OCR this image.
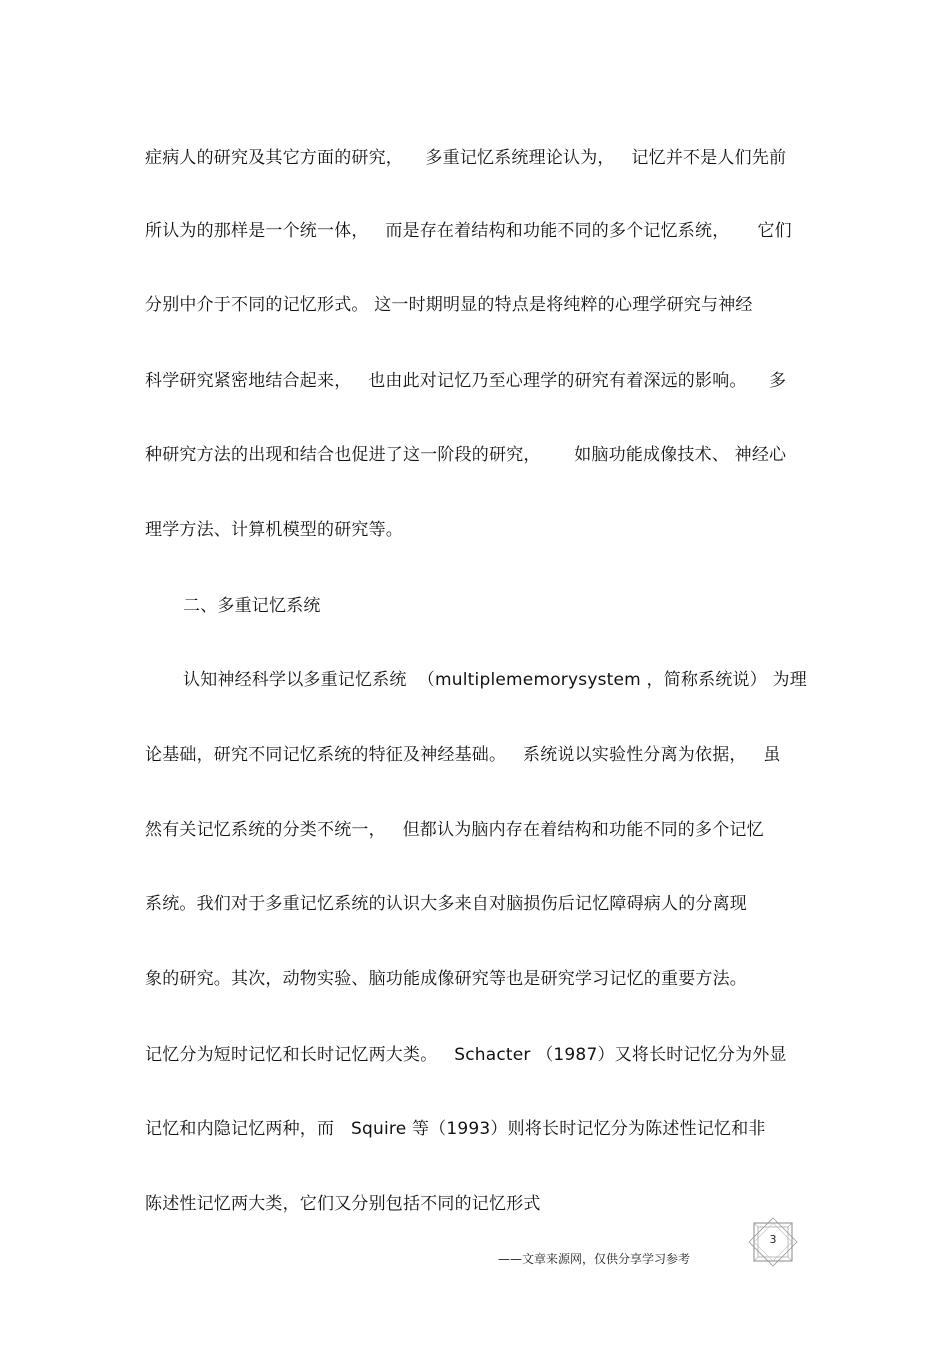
症病人的研究及其它方面的研究，    多重记忆系统理论认为，   记忆并不是人们先前
所认为的那样是一个统一体，   而是存在着结构和功能不同的多个记忆系统，     它们
分别中介于不同的记忆形式。 这一时期明显的特点是将纯粹的心理学研究与神经
科学研究紧密地结合起来，   也由此对记忆乃至心理学的研究有着深远的影响。    多
种研究方法的出现和结合也促进了这一阶段的研究，      如脑功能成像技术、 神经心
理学方法、计算机模型的研究等。
二、多重记忆系统
认知神经科学以多重记忆系统  （multiplememorysystem ，简称系统说） 为理
论基础，研究不同记忆系统的特征及神经基础。   系统说以实验性分离为依据，   虽
然有关记忆系统的分类不统一，   但都认为脑内存在着结构和功能不同的多个记忆
系统。我们对于多重记忆系统的认识大多来自对脑损伤后记忆障碍病人的分离现
象的研究。其次，动物实验、脑功能成像研究等也是研究学习记忆的重要方法。
记忆分为短时记忆和长时记忆两大类。   Schacter （1987）又将长时记忆分为外显
记忆和内隐记忆两种，而   Squire 等（1993）则将长时记忆分为陈述性记忆和非
陈述性记忆两大类，它们又分别包括不同的记忆形式
3
——文章来源网，仅供分享学习参考
